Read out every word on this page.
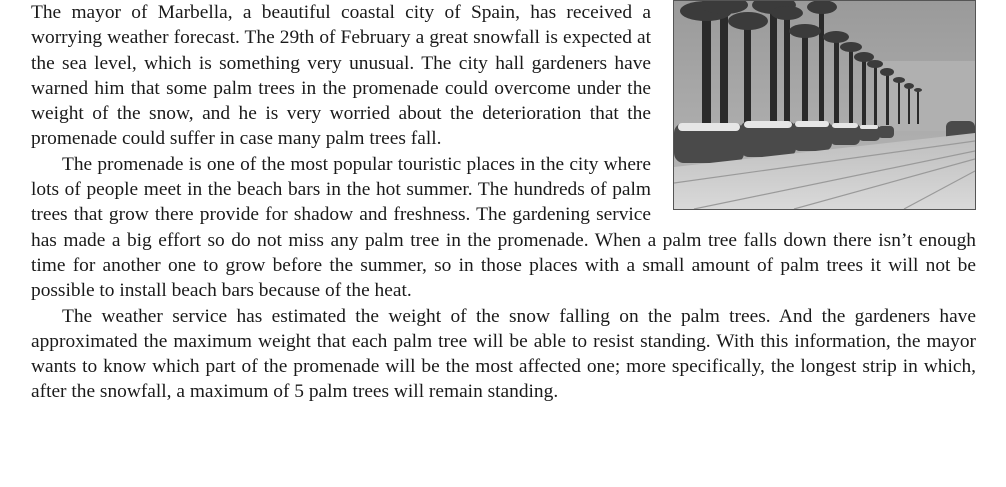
The mayor of Marbella, a beautiful coastal city of Spain, has received a worrying weather forecast. The 29th of February a great snowfall is expected at the sea level, which is something very unusual. The city hall gardeners have warned him that some palm trees in the promenade could overcome under the weight of the snow, and he is very worried about the deterioration that the promenade could suffer in case many palm trees fall.

The promenade is one of the most popular touristic places in the city where lots of people meet in the beach bars in the hot summer. The hundreds of palm trees that grow there provide for shadow and freshness. The gardening service has made a big effort so do not miss any palm tree in the promenade. When a palm tree falls down there isn’t enough time for another one to grow before the summer, so in those places with a small amount of palm trees it will not be possible to install beach bars because of the heat.

The weather service has estimated the weight of the snow falling on the palm trees. And the gardeners have approximated the maximum weight that each palm tree will be able to resist standing. With this information, the mayor wants to know which part of the promenade will be the most affected one; more specifically, the longest strip in which, after the snowfall, a maximum of 5 palm trees will remain standing.
